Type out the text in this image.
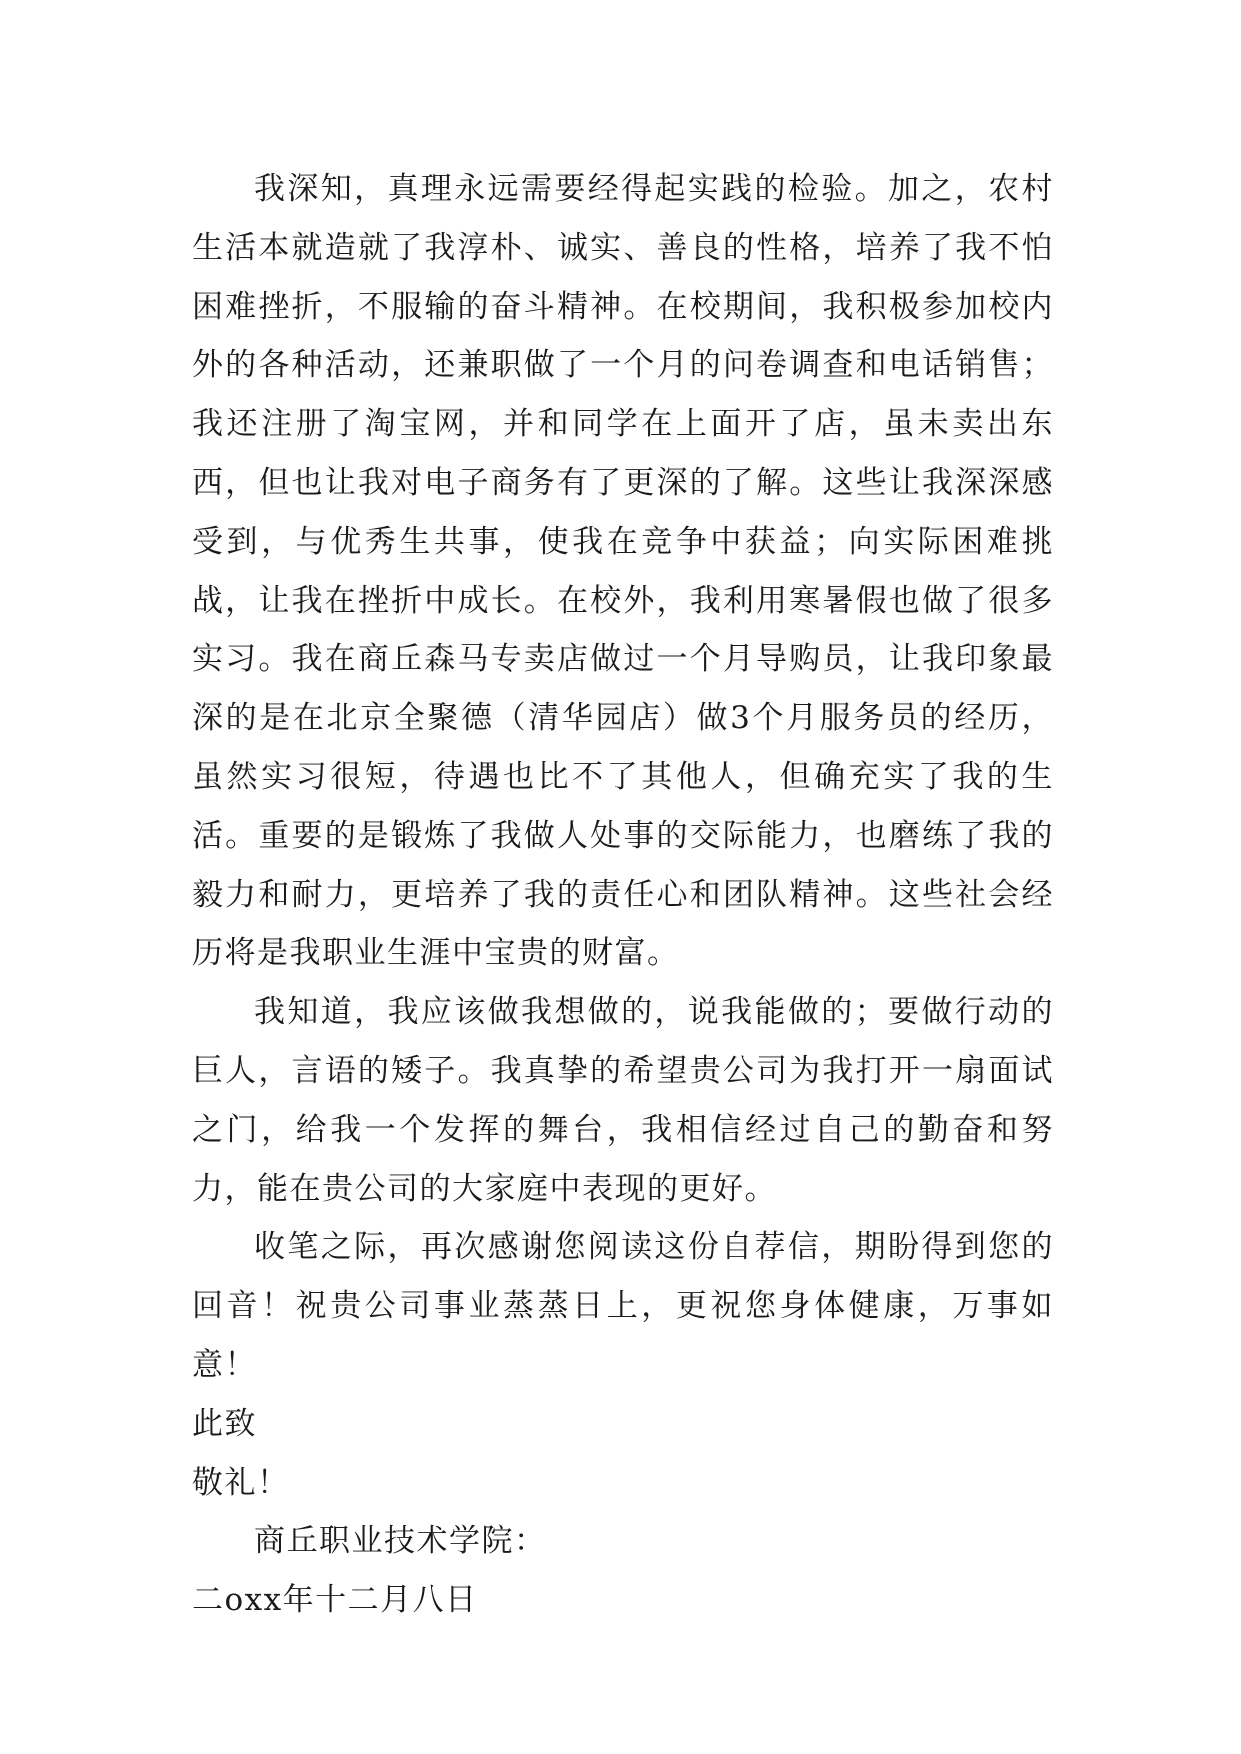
我深知，真理永远需要经得起实践的检验。加之，农村生活本就造就了我淳朴、诚实、善良的性格，培养了我不怕困难挫折，不服输的奋斗精神。在校期间，我积极参加校内外的各种活动，还兼职做了一个月的问卷调查和电话销售；我还注册了淘宝网，并和同学在上面开了店，虽未卖出东西，但也让我对电子商务有了更深的了解。这些让我深深感受到，与优秀生共事，使我在竞争中获益；向实际困难挑战，让我在挫折中成长。在校外，我利用寒暑假也做了很多实习。我在商丘森马专卖店做过一个月导购员，让我印象最深的是在北京全聚德（清华园店）做3个月服务员的经历，虽然实习很短，待遇也比不了其他人，但确充实了我的生活。重要的是锻炼了我做人处事的交际能力，也磨练了我的毅力和耐力，更培养了我的责任心和团队精神。这些社会经历将是我职业生涯中宝贵的财富。

我知道，我应该做我想做的，说我能做的；要做行动的巨人，言语的矮子。我真挚的希望贵公司为我打开一扇面试之门，给我一个发挥的舞台，我相信经过自己的勤奋和努力，能在贵公司的大家庭中表现的更好。

收笔之际，再次感谢您阅读这份自荐信，期盼得到您的回音！祝贵公司事业蒸蒸日上，更祝您身体健康，万事如意！

此致

敬礼！

商丘职业技术学院：

二oxx年十二月八日
